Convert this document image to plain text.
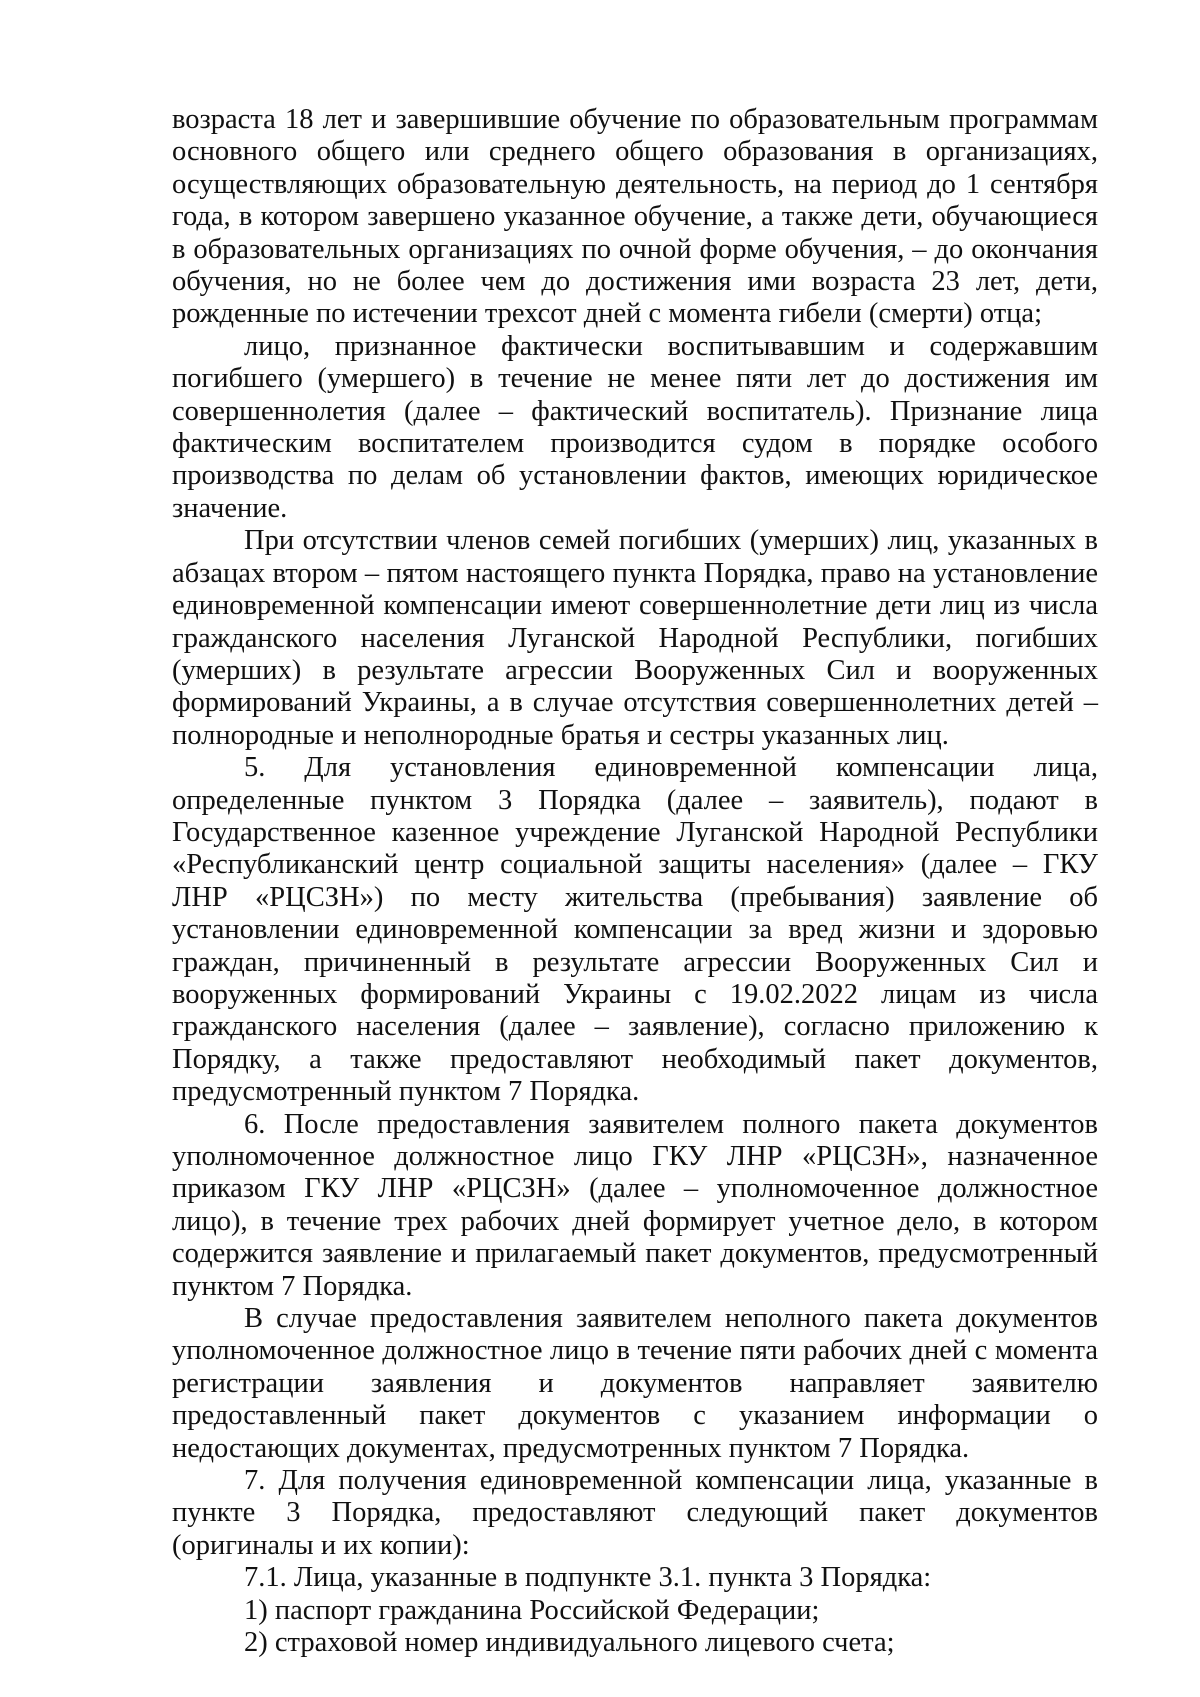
возраста 18 лет и завершившие обучение по образовательным программам основного общего или среднего общего образования в организациях, осуществляющих образовательную деятельность, на период до 1 сентября года, в котором завершено указанное обучение, а также дети, обучающиеся в образовательных организациях по очной форме обучения, – до окончания обучения, но не более чем до достижения ими возраста 23 лет, дети, рожденные по истечении трехсот дней с момента гибели (смерти) отца;

лицо, признанное фактически воспитывавшим и содержавшим погибшего (умершего) в течение не менее пяти лет до достижения им совершеннолетия (далее – фактический воспитатель). Признание лица фактическим воспитателем производится судом в порядке особого производства по делам об установлении фактов, имеющих юридическое значение.

При отсутствии членов семей погибших (умерших) лиц, указанных в абзацах втором – пятом настоящего пункта Порядка, право на установление единовременной компенсации имеют совершеннолетние дети лиц из числа гражданского населения Луганской Народной Республики, погибших (умерших) в результате агрессии Вооруженных Сил и вооруженных формирований Украины, а в случае отсутствия совершеннолетних детей – полнородные и неполнородные братья и сестры указанных лиц.

5. Для установления единовременной компенсации лица, определенные пунктом 3 Порядка (далее – заявитель), подают в Государственное казенное учреждение Луганской Народной Республики «Республиканский центр социальной защиты населения» (далее – ГКУ ЛНР «РЦСЗН») по месту жительства (пребывания) заявление об установлении единовременной компенсации за вред жизни и здоровью граждан, причиненный в результате агрессии Вооруженных Сил и вооруженных формирований Украины с 19.02.2022 лицам из числа гражданского населения (далее – заявление), согласно приложению к Порядку, а также предоставляют необходимый пакет документов, предусмотренный пунктом 7 Порядка.

6. После предоставления заявителем полного пакета документов уполномоченное должностное лицо ГКУ ЛНР «РЦСЗН», назначенное приказом ГКУ ЛНР «РЦСЗН» (далее – уполномоченное должностное лицо), в течение трех рабочих дней формирует учетное дело, в котором содержится заявление и прилагаемый пакет документов, предусмотренный пунктом 7 Порядка.

В случае предоставления заявителем неполного пакета документов уполномоченное должностное лицо в течение пяти рабочих дней с момента регистрации заявления и документов направляет заявителю предоставленный пакет документов с указанием информации о недостающих документах, предусмотренных пунктом 7 Порядка.

7. Для получения единовременной компенсации лица, указанные в пункте 3 Порядка, предоставляют следующий пакет документов (оригиналы и их копии):

7.1. Лица, указанные в подпункте 3.1. пункта 3 Порядка:

1) паспорт гражданина Российской Федерации;

2) страховой номер индивидуального лицевого счета;
